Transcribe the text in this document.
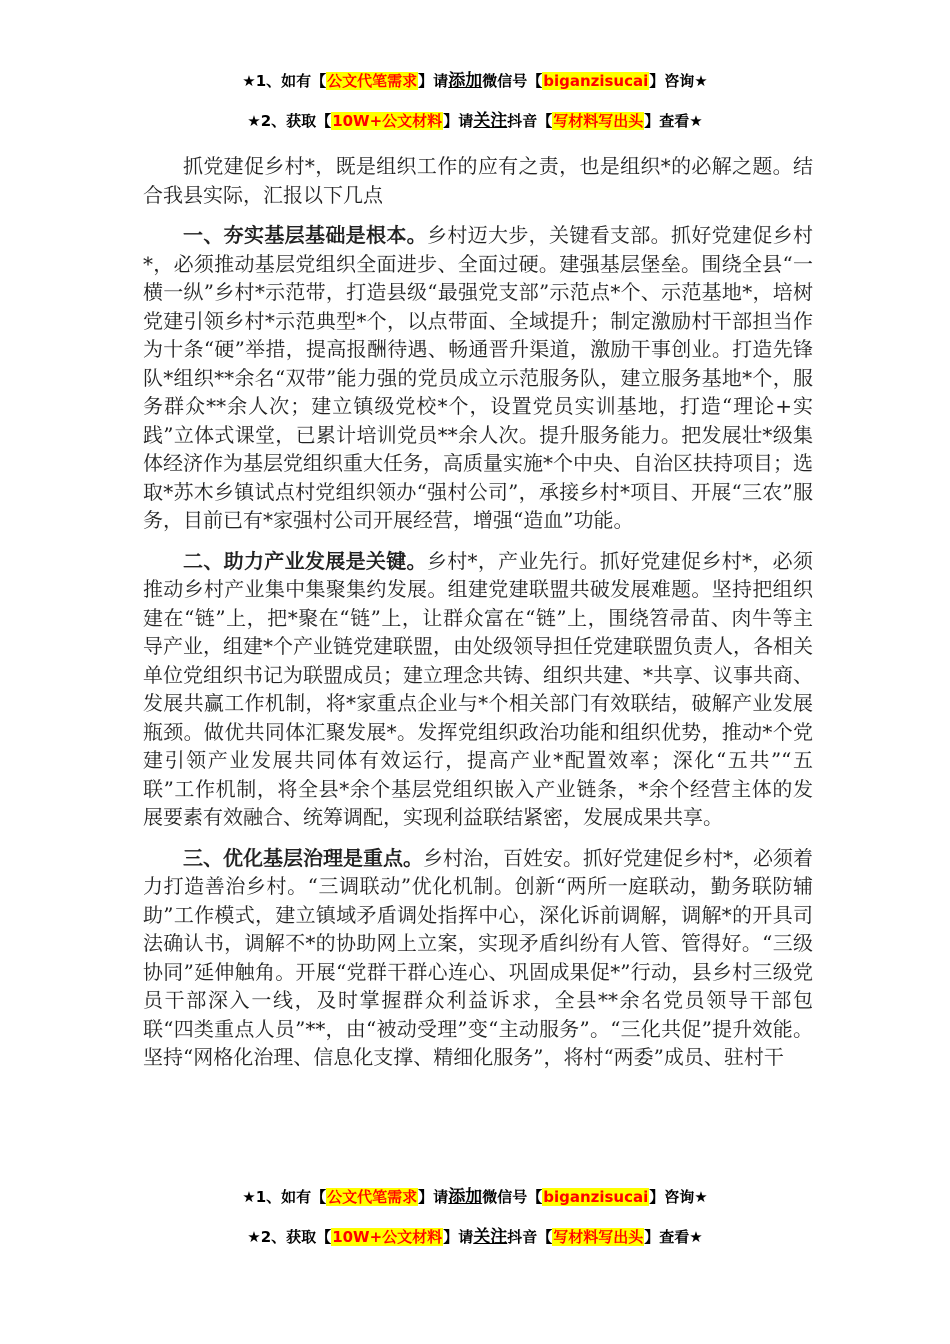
★1、如有【公文代笔需求】请添加微信号【biganzisucai】咨询★
★2、获取【10W+公文材料】请关注抖音【写材料写出头】查看★

抓党建促乡村*，既是组织工作的应有之责，也是组织*的必解之题。结合我县实际，汇报以下几点

一、夯实基层基础是根本。乡村迈大步，关键看支部。抓好党建促乡村*，必须推动基层党组织全面进步、全面过硬。建强基层堡垒。围绕全县“一横一纵”乡村*示范带，打造县级“最强党支部”示范点*个、示范基地*，培树党建引领乡村*示范典型*个，以点带面、全域提升；制定激励村干部担当作为十条“硬”举措，提高报酬待遇、畅通晋升渠道，激励干事创业。打造先锋队*组织**余名“双带”能力强的党员成立示范服务队，建立服务基地*个，服务群众**余人次；建立镇级党校*个，设置党员实训基地，打造“理论+实践”立体式课堂，已累计培训党员**余人次。提升服务能力。把发展壮*级集体经济作为基层党组织重大任务，高质量实施*个中央、自治区扶持项目；选取*苏木乡镇试点村党组织领办“强村公司”，承接乡村*项目、开展“三农”服务，目前已有*家强村公司开展经营，增强“造血”功能。

二、助力产业发展是关键。乡村*，产业先行。抓好党建促乡村*，必须推动乡村产业集中集聚集约发展。组建党建联盟共破发展难题。坚持把组织建在“链”上，把*聚在“链”上，让群众富在“链”上，围绕笤帚苗、肉牛等主导产业，组建*个产业链党建联盟，由处级领导担任党建联盟负责人，各相关单位党组织书记为联盟成员；建立理念共铸、组织共建、*共享、议事共商、发展共赢工作机制，将*家重点企业与*个相关部门有效联结，破解产业发展瓶颈。做优共同体汇聚发展*。发挥党组织政治功能和组织优势，推动*个党建引领产业发展共同体有效运行，提高产业*配置效率；深化“五共”“五联”工作机制，将全县*余个基层党组织嵌入产业链条，*余个经营主体的发展要素有效融合、统筹调配，实现利益联结紧密，发展成果共享。

三、优化基层治理是重点。乡村治，百姓安。抓好党建促乡村*，必须着力打造善治乡村。“三调联动”优化机制。创新“两所一庭联动，勤务联防辅助”工作模式，建立镇域矛盾调处指挥中心，深化诉前调解，调解*的开具司法确认书，调解不*的协助网上立案，实现矛盾纠纷有人管、管得好。“三级协同”延伸触角。开展“党群干群心连心、巩固成果促*”行动，县乡村三级党员干部深入一线，及时掌握群众利益诉求，全县**余名党员领导干部包联“四类重点人员”**，由“被动受理”变“主动服务”。“三化共促”提升效能。坚持“网格化治理、信息化支撑、精细化服务”，将村“两委”成员、驻村干

★1、如有【公文代笔需求】请添加微信号【biganzisucai】咨询★
★2、获取【10W+公文材料】请关注抖音【写材料写出头】查看★
